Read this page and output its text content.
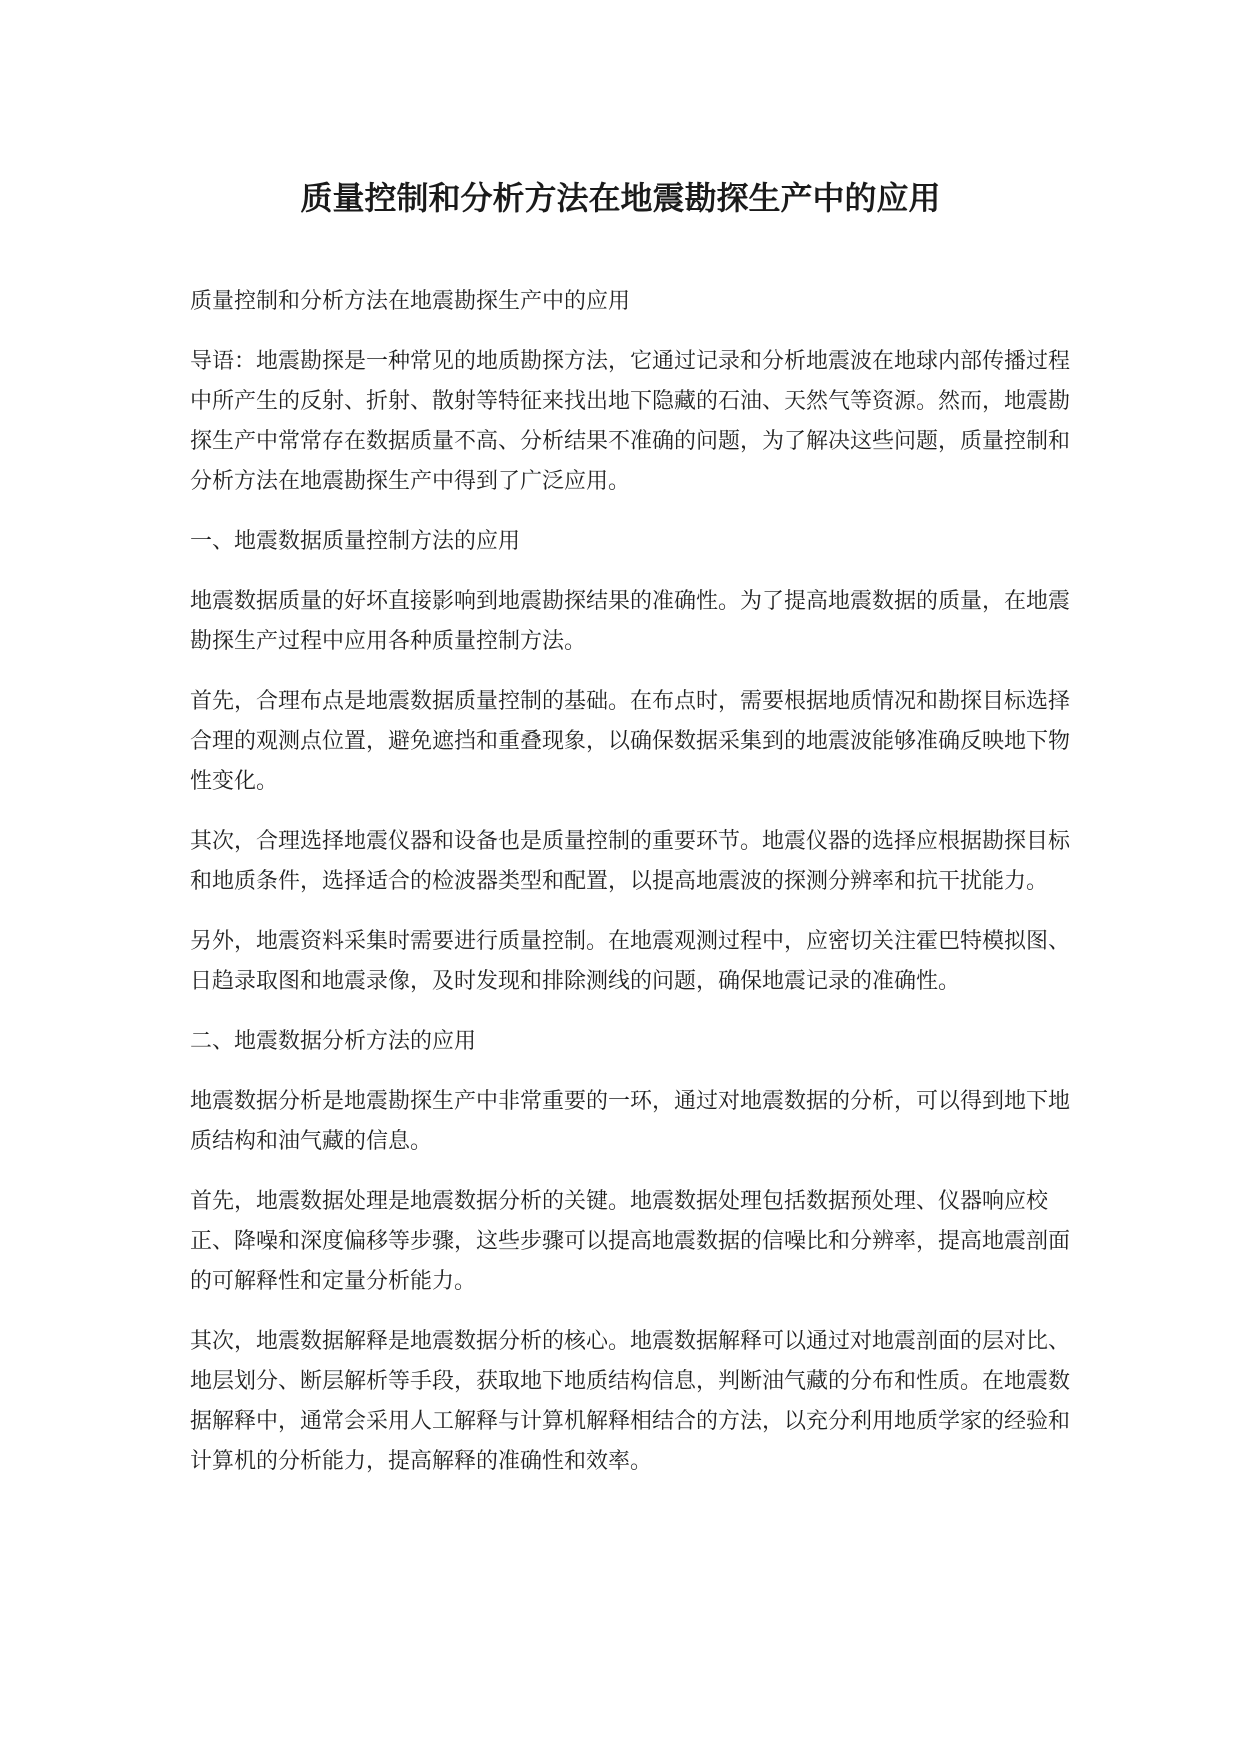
质量控制和分析方法在地震勘探生产中的应用

质量控制和分析方法在地震勘探生产中的应用

导语：地震勘探是一种常见的地质勘探方法，它通过记录和分析地震波在地球内部传播过程中所产生的反射、折射、散射等特征来找出地下隐藏的石油、天然气等资源。然而，地震勘探生产中常常存在数据质量不高、分析结果不准确的问题，为了解决这些问题，质量控制和分析方法在地震勘探生产中得到了广泛应用。

一、地震数据质量控制方法的应用

地震数据质量的好坏直接影响到地震勘探结果的准确性。为了提高地震数据的质量，在地震勘探生产过程中应用各种质量控制方法。

首先，合理布点是地震数据质量控制的基础。在布点时，需要根据地质情况和勘探目标选择合理的观测点位置，避免遮挡和重叠现象，以确保数据采集到的地震波能够准确反映地下物性变化。

其次，合理选择地震仪器和设备也是质量控制的重要环节。地震仪器的选择应根据勘探目标和地质条件，选择适合的检波器类型和配置，以提高地震波的探测分辨率和抗干扰能力。

另外，地震资料采集时需要进行质量控制。在地震观测过程中，应密切关注霍巴特模拟图、日趋录取图和地震录像，及时发现和排除测线的问题，确保地震记录的准确性。

二、地震数据分析方法的应用

地震数据分析是地震勘探生产中非常重要的一环，通过对地震数据的分析，可以得到地下地质结构和油气藏的信息。

首先，地震数据处理是地震数据分析的关键。地震数据处理包括数据预处理、仪器响应校正、降噪和深度偏移等步骤，这些步骤可以提高地震数据的信噪比和分辨率，提高地震剖面的可解释性和定量分析能力。

其次，地震数据解释是地震数据分析的核心。地震数据解释可以通过对地震剖面的层对比、地层划分、断层解析等手段，获取地下地质结构信息，判断油气藏的分布和性质。在地震数据解释中，通常会采用人工解释与计算机解释相结合的方法，以充分利用地质学家的经验和计算机的分析能力，提高解释的准确性和效率。
